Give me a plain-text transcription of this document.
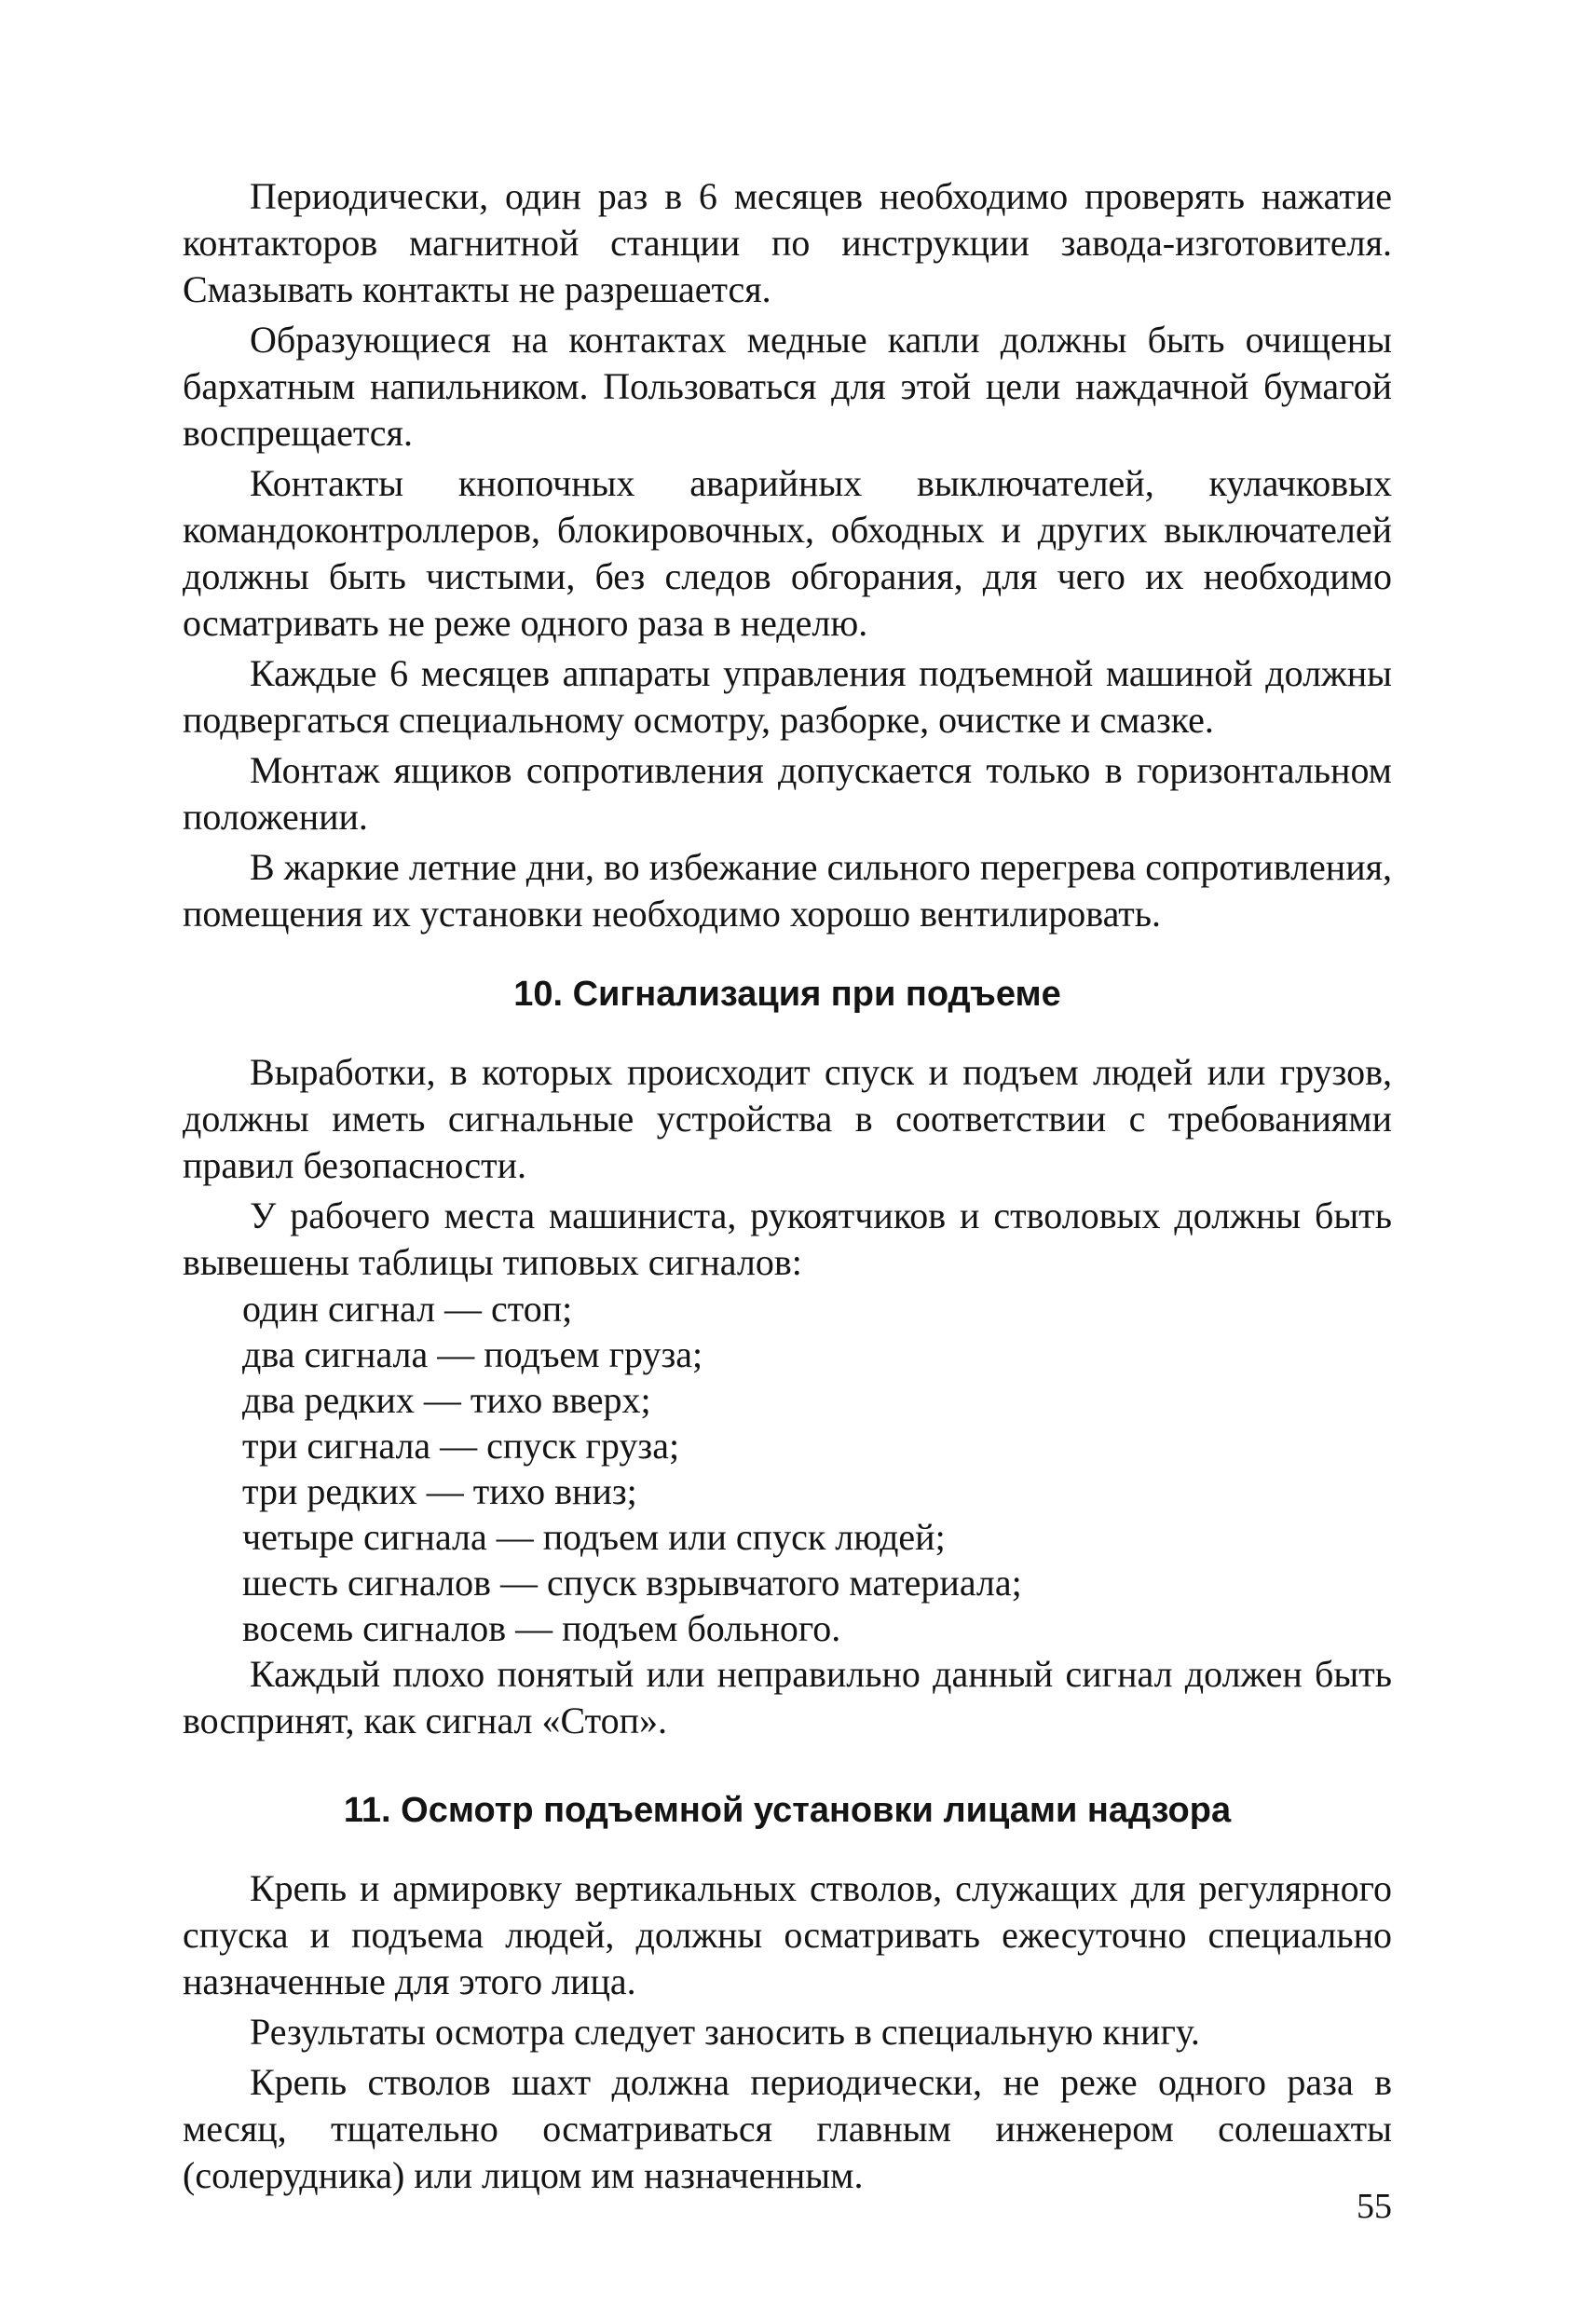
Периодически, один раз в 6 месяцев необходимо проверять нажатие контакторов магнитной станции по инструкции завода-изготовителя. Смазывать контакты не разрешается.

Образующиеся на контактах медные капли должны быть очищены бархатным напильником. Пользоваться для этой цели наждачной бумагой воспрещается.

Контакты кнопочных аварийных выключателей, кулачковых командоконтроллеров, блокировочных, обходных и других выключателей должны быть чистыми, без следов обгорания, для чего их необходимо осматривать не реже одного раза в неделю.

Каждые 6 месяцев аппараты управления подъемной машиной должны подвергаться специальному осмотру, разборке, очистке и смазке.

Монтаж ящиков сопротивления допускается только в горизонтальном положении.

В жаркие летние дни, во избежание сильного перегрева сопротивления, помещения их установки необходимо хорошо вентилировать.

10. Сигнализация при подъеме

Выработки, в которых происходит спуск и подъем людей или грузов, должны иметь сигнальные устройства в соответствии с требованиями правил безопасности.

У рабочего места машиниста, рукоятчиков и стволовых должны быть вывешены таблицы типовых сигналов:

один сигнал — стоп;
два сигнала — подъем груза;
два редких — тихо вверх;
три сигнала — спуск груза;
три редких — тихо вниз;
четыре сигнала — подъем или спуск людей;
шесть сигналов — спуск взрывчатого материала;
восемь сигналов — подъем больного.

Каждый плохо понятый или неправильно данный сигнал должен быть воспринят, как сигнал «Стоп».

11. Осмотр подъемной установки лицами надзора

Крепь и армировку вертикальных стволов, служащих для регулярного спуска и подъема людей, должны осматривать ежесуточно специально назначенные для этого лица.

Результаты осмотра следует заносить в специальную книгу.

Крепь стволов шахт должна периодически, не реже одного раза в месяц, тщательно осматриваться главным инженером солешахты (солерудника) или лицом им назначенным.

55
